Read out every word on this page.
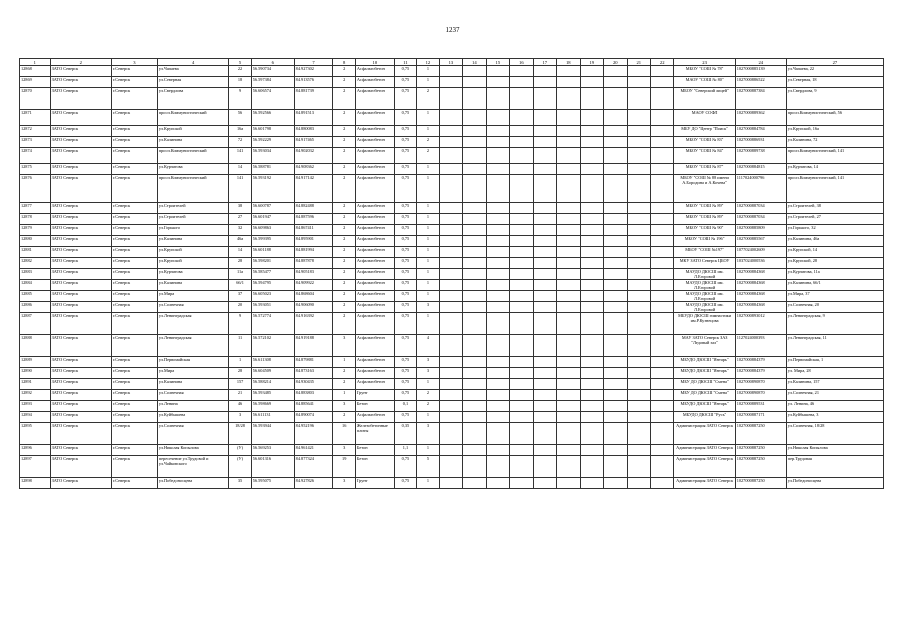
1237
1	2	3	4	5	6	7	8	10	11	12	13	14	15	16	17	18	19	20	21	22	23	24	27
12868	ЗАТО Северск	г.Северск	ул.Чапаева	22	56.590734	84.927302	2	Асфальтобетон	0,75	1											МБОУ "СОШ № 78"	1027000885139	ул.Чапаева, 22
12869	ЗАТО Северск	г.Северск	ул.Северная	18	56.597384	84.913576	2	Асфальтобетон	0,75	1											МАОУ "СОШ № 80"	1027000886522	ул.Северная, 18
12870	ЗАТО Северск	г.Северск	ул.Свердлова	9	56.606574	84.881739	2	Асфальтобетон	0,75	2											МБОУ "Северский лицей"	1027000887384	ул.Свердлова, 9
12871	ЗАТО Северск	г.Северск	просп.Коммунистический	56	56.592566	84.891513	2	Асфальтобетон	0,75	1											МАОУ СОФЛ	1027000889362	просп.Коммунистический, 56
12872	ЗАТО Северск	г.Северск	ул.Крупской	16а	56.601798	84.880083	2	Асфальтобетон	0,75	1											МБУ ДО "Центр "Поиск"	1027000884784	ул.Крупской, 16а
12873	ЗАТО Северск	г.Северск	ул.Калинина	72	56.592229	84.917465	2	Асфальтобетон	0,75	2											МБОУ "СОШ № 83"	1027000886931	ул.Калинина, 72
12874	ЗАТО Северск	г.Северск	просп.Коммунистический	141	56.593034	84.902032	2	Асфальтобетон	0,75	2											МБОУ "СОШ № 84"	1027000889738	просп.Коммунистический, 141
12875	ЗАТО Северск	г.Северск	ул.Курчатова	14	56.588781	84.908362	2	Асфальтобетон	0,75	1											МБОУ "СОШ № 87"	1027000884815	ул.Курчатова, 14
12876	ЗАТО Северск	г.Северск	просп.Коммунистический	141	56.593192	84.917142	2	Асфальтобетон	0,75	1											МБОУ "СОШ № 88 имени А.Бородина и А.Кочева"	1117024000796	просп.Коммунистический, 141
12877	ЗАТО Северск	г.Северск	ул.Строителей	38	56.600787	84.882488	2	Асфальтобетон	0,75	1											МБОУ "СОШ № 89"	1027000887034	ул.Строителей, 38
12878	ЗАТО Северск	г.Северск	ул.Строителей	27	56.601947	84.887596	2	Асфальтобетон	0,75	1											МБОУ "СОШ № 89"	1027000887034	ул.Строителей, 27
12879	ЗАТО Северск	г.Северск	ул.Горького	32	56.609863	84.867411	2	Асфальтобетон	0,75	1											МБОУ "СОШ № 90"	1027000885809	ул.Горького, 32
12880	ЗАТО Северск	г.Северск	ул.Калинина	46а	56.599395	84.895901	2	Асфальтобетон	0,75	1											МБОУ "СОШ № 196"	1027000885567	ул.Калинина, 46а
12881	ЗАТО Северск	г.Северск	ул.Крупской	14	56.601188	84.881994	2	Асфальтобетон	0,75	1											МБОУ "СОШ №197"	1077024002609	ул.Крупской, 14
12882	ЗАТО Северск	г.Северск	ул.Крупской	28	56.598201	84.887878	2	Асфальтобетон	0,75	1											МКУ ЗАТО Северск ЦБОУ	1037024000536	ул.Крупской, 28
12883	ЗАТО Северск	г.Северск	ул.Курчатова	11а	56.585477	84.905183	2	Асфальтобетон	0,75	1											МАУДО ДЮСШ им. Л.Егоровой	1027000884368	ул.Курчатова, 11а
12884	ЗАТО Северск	г.Северск	ул.Калинина	66/1	56.594795	84.909922	2	Асфальтобетон	0,75	1											МАУДО ДЮСШ им. Л.Егоровой	1027000884368	ул.Калинина, 66/1
12885	ЗАТО Северск	г.Северск	ул.Мира	37	56.605023	84.868604	2	Асфальтобетон	0,75	1											МАУДО ДЮСШ им. Л.Егоровой	1027000884368	ул.Мира, 37
12886	ЗАТО Северск	г.Северск	ул.Солнечная	20	56.593051	84.906090	2	Асфальтобетон	0,75	3											МАУДО ДЮСШ им. Л.Егоровой	1027000884368	ул.Солнечная, 20
12887	ЗАТО Северск	г.Северск	ул.Ленинградская	9	56.572774	84.916392	2	Асфальтобетон	0,75	1											МБУДО ДЮСШ гимнастики им.Р.Кузнецова	1027000893012	ул.Ленинградская, 9
12888	ЗАТО Северск	г.Северск	ул.Ленинградская	11	56.572102	84.919188	3	Асфальтобетон	0,75	4											МАУ ЗАТО Северск ЗАЗ "Ледовый зал"	1127024000393	ул.Ленинградская, 11
12889	ЗАТО Северск	г.Северск	ул.Первомайская	1	56.611308	84.879881	1	Асфальтобетон	0,75	3											МБУДО ДЮСШ "Янтарь"	1027000884379	ул.Первомайская, 1
12890	ЗАТО Северск	г.Северск	ул.Мира	28	56.604509	84.873163	2	Асфальтобетон	0,75	3											МБУДО ДЮСШ "Янтарь"	1027000884379	ул. Мира, 28
12891	ЗАТО Северск	г.Северск	ул.Калинина	157	56.588214	84.930435	2	Асфальтобетон	0,75	1											МБУ ДО ДЮСШ "Смена"	1027000890870	ул.Калинина, 157
12892	ЗАТО Северск	г.Северск	ул.Солнечная	21	56.593485	84.883803	1	Грунт	0,75	2											МБУ ДО ДЮСШ "Смена"	1027000890870	ул.Солнечная, 21
12893	ЗАТО Северск	г.Северск	ул.Ленина	46	56.598669	84.885641	3	Бетон	0,1	2											МБУДО ДЮСШ "Янтарь"	1027000889531	ул. Ленина, 46
12894	ЗАТО Северск	г.Северск	ул.Куйбышева	3	56.611131	84.890074	2	Асфальтобетон	0,75	1											МБУДО ДЮСШ "Русь"	1027000887171	ул.Куйбышева, 3
12895	ЗАТО Северск	г.Северск	ул.Солнечная	18/28	56.593944	84.952196	16	Железобетонные плиты	0,35	3											Администрация ЗАТО Северск	1027000887250	ул.Солнечная, 18/28
12896	ЗАТО Северск	г.Северск	ул.Николая Копылова	(У)	56.569253	84.961421	3	Бетон	1,1	1											Администрация ЗАТО Северск	1027000887250	ул.Николая Копылова
12897	ЗАТО Северск	г.Северск	пересечение ул.Трудовой и ул.Чайковского	(У)	56.601316	84.877324	19	Бетон	0,75	5											Администрация ЗАТО Северск	1027000887250	пер.Трудовая
12898	ЗАТО Северск	г.Северск	ул.Победоносцева	35	56.595075	84.927826	3	Грунт	0,75	1											Администрация ЗАТО Северск	1027000887250	ул.Победоносцева
